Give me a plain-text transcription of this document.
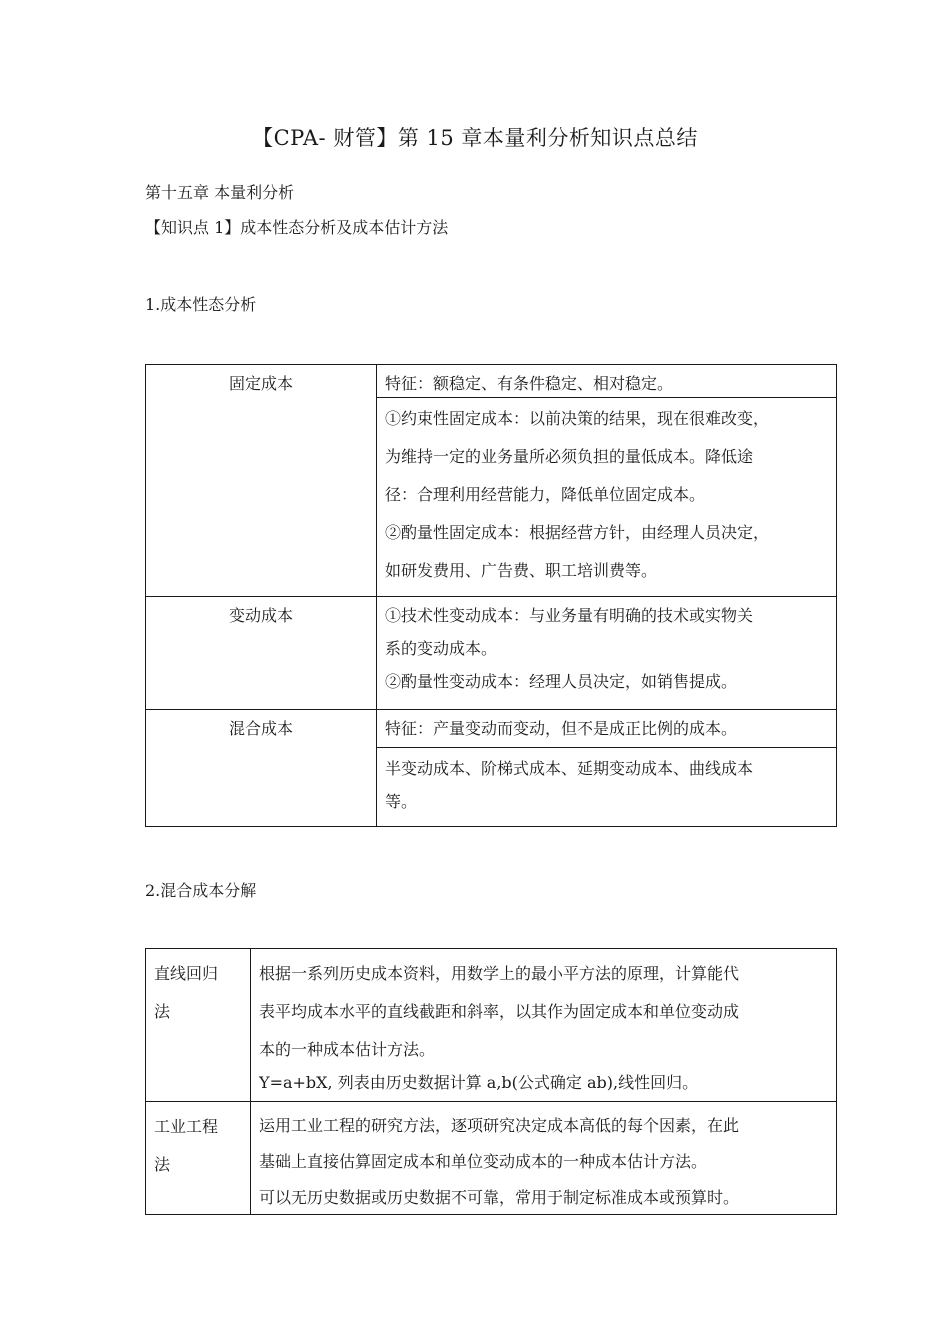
【CPA- 财管】第 15 章本量利分析知识点总结
第十五章 本量利分析
【知识点 1】成本性态分析及成本估计方法
1.成本性态分析
固定成本	特征：额稳定、有条件稳定、相对稳定。

	①约束性固定成本：以前决策的结果，现在很难改变，
为维持一定的业务量所必须负担的量低成本。降低途
径：合理利用经营能力，降低单位固定成本。
②酌量性固定成本：根据经营方针，由经理人员决定，
如研发费用、广告费、职工培训费等。

变动成本	①技术性变动成本：与业务量有明确的技术或实物关
系的变动成本。
②酌量性变动成本：经理人员决定，如销售提成。

混合成本	特征：产量变动而变动，但不是成正比例的成本。

	半变动成本、阶梯式成本、延期变动成本、曲线成本
等。
2.混合成本分解
直线回归
法	根据一系列历史成本资料，用数学上的最小平方法的原理，计算能代
表平均成本水平的直线截距和斜率，以其作为固定成本和单位变动成
本的一种成本估计方法。
Y=a+bX, 列表由历史数据计算 a,b(公式确定 ab),线性回归。

工业工程
法	运用工业工程的研究方法，逐项研究决定成本高低的每个因素，在此
基础上直接估算固定成本和单位变动成本的一种成本估计方法。
可以无历史数据或历史数据不可靠，常用于制定标准成本或预算时。
